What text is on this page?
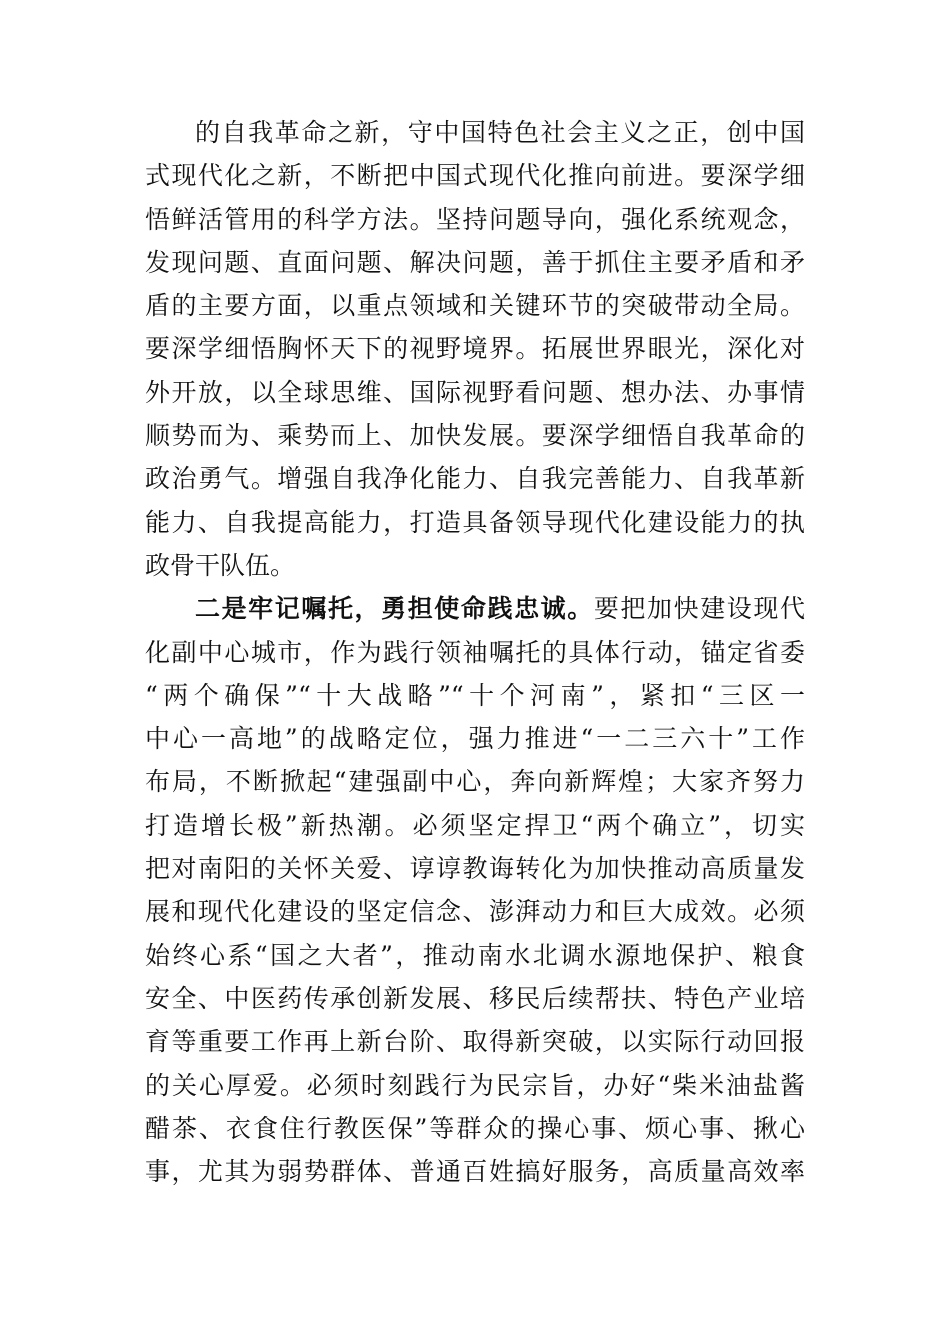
的自我革命之新，守中国特色社会主义之正，创中国
式现代化之新，不断把中国式现代化推向前进。要深学细
悟鲜活管用的科学方法。坚持问题导向，强化系统观念，
发现问题、直面问题、解决问题，善于抓住主要矛盾和矛
盾的主要方面，以重点领域和关键环节的突破带动全局。
要深学细悟胸怀天下的视野境界。拓展世界眼光，深化对
外开放，以全球思维、国际视野看问题、想办法、办事情
顺势而为、乘势而上、加快发展。要深学细悟自我革命的
政治勇气。增强自我净化能力、自我完善能力、自我革新
能力、自我提高能力，打造具备领导现代化建设能力的执
政骨干队伍。
二是牢记嘱托，勇担使命践忠诚。要把加快建设现代
化副中心城市，作为践行领袖嘱托的具体行动，锚定省委
“两个确保”“十大战略”“十个河南”，紧扣“三区一
中心一高地”的战略定位，强力推进“一二三六十”工作
布局，不断掀起“建强副中心，奔向新辉煌；大家齐努力
打造增长极”新热潮。必须坚定捍卫“两个确立”，切实
把对南阳的关怀关爱、谆谆教诲转化为加快推动高质量发
展和现代化建设的坚定信念、澎湃动力和巨大成效。必须
始终心系“国之大者”，推动南水北调水源地保护、粮食
安全、中医药传承创新发展、移民后续帮扶、特色产业培
育等重要工作再上新台阶、取得新突破，以实际行动回报
的关心厚爱。必须时刻践行为民宗旨，办好“柴米油盐酱
醋茶、衣食住行教医保”等群众的操心事、烦心事、揪心
事，尤其为弱势群体、普通百姓搞好服务，高质量高效率
